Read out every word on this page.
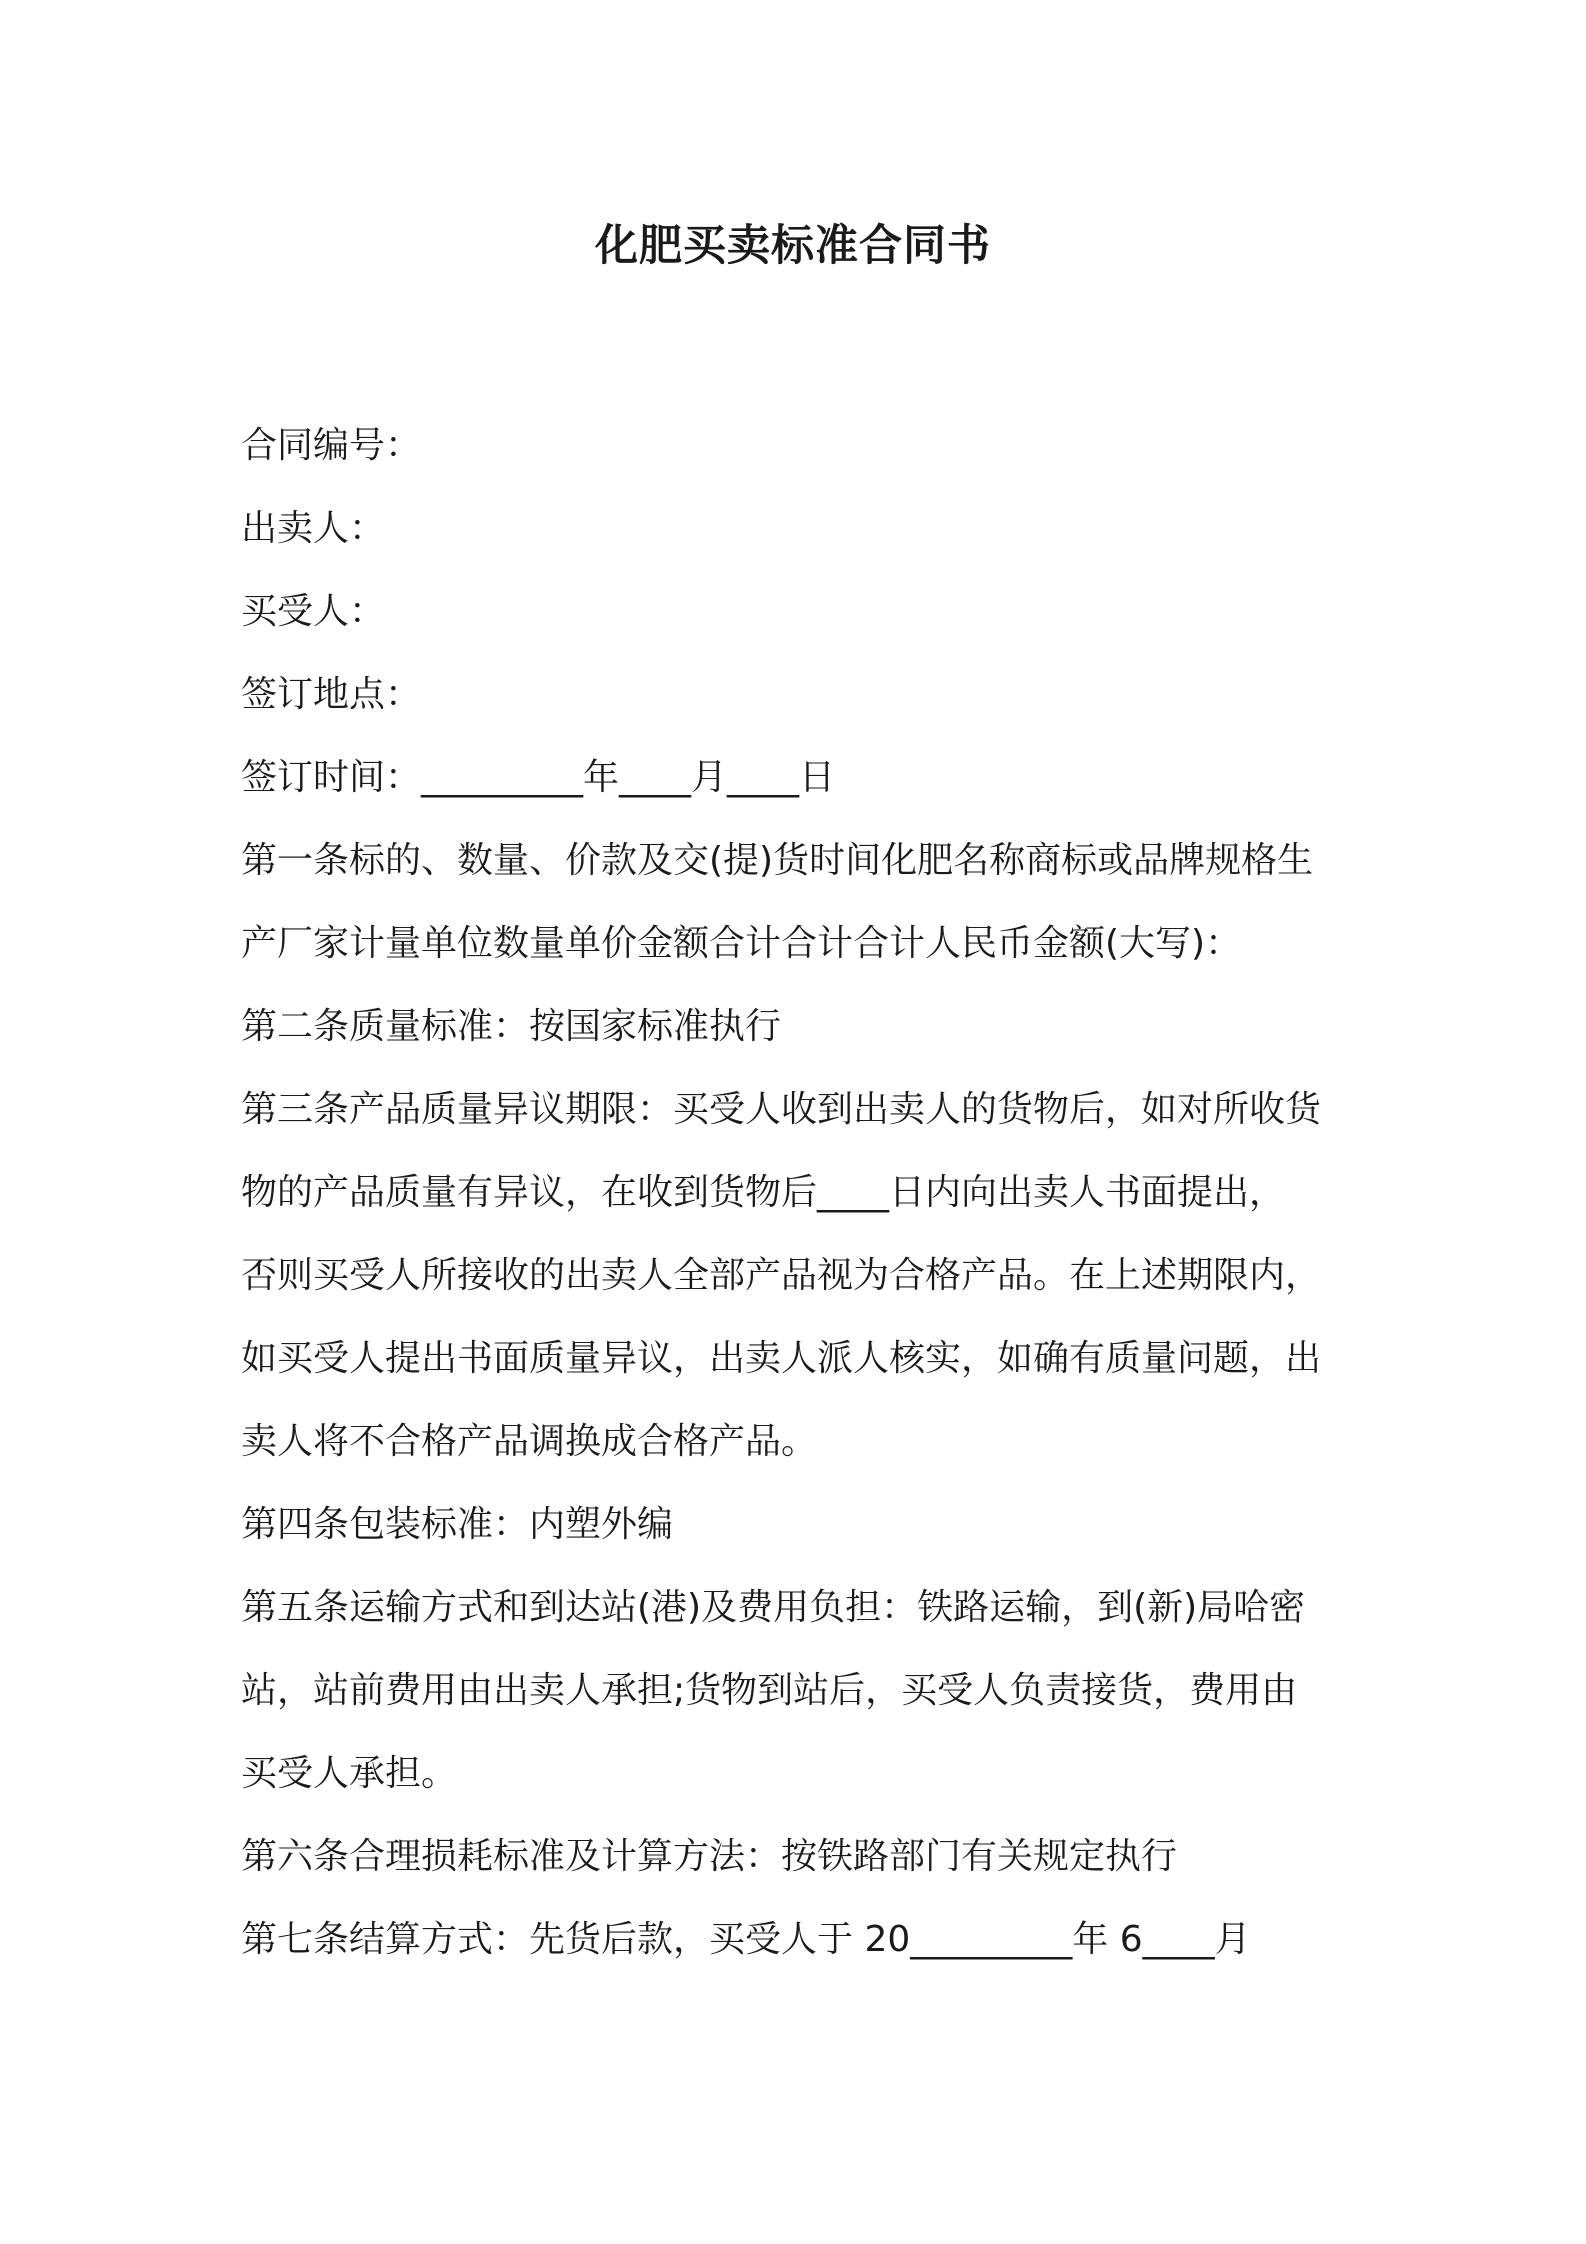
化肥买卖标准合同书
合同编号：
出卖人：
买受人：
签订地点：
签订时间：_________年____月____日
第一条标的、数量、价款及交(提)货时间化肥名称商标或品牌规格生
产厂家计量单位数量单价金额合计合计合计人民币金额(大写)：
第二条质量标准：按国家标准执行
第三条产品质量异议期限：买受人收到出卖人的货物后，如对所收货
物的产品质量有异议，在收到货物后____日内向出卖人书面提出，
否则买受人所接收的出卖人全部产品视为合格产品。在上述期限内，
如买受人提出书面质量异议，出卖人派人核实，如确有质量问题，出
卖人将不合格产品调换成合格产品。
第四条包装标准：内塑外编
第五条运输方式和到达站(港)及费用负担：铁路运输，到(新)局哈密
站，站前费用由出卖人承担;货物到站后，买受人负责接货，费用由
买受人承担。
第六条合理损耗标准及计算方法：按铁路部门有关规定执行
第七条结算方式：先货后款，买受人于 20_________年 6____月
